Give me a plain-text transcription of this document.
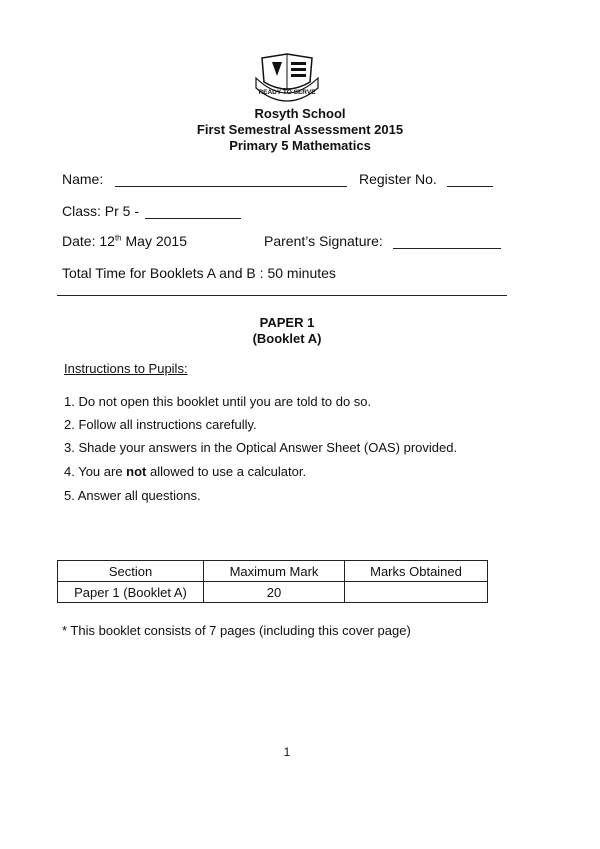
READY TO SERVE
Rosyth School
First Semestral Assessment 2015
Primary 5 Mathematics
Name:	Register No.
Class: Pr 5 -
Date: 12th May 2015	Parent’s Signature:
Total Time for Booklets A and B : 50 minutes
PAPER 1
(Booklet A)
Instructions to Pupils:
1. Do not open this booklet until you are told to do so.
2. Follow all instructions carefully.
3. Shade your answers in the Optical Answer Sheet (OAS) provided.
4. You are not allowed to use a calculator.
5. Answer all questions.
Section	Maximum Mark	Marks Obtained
Paper 1 (Booklet A)	20	
* This booklet consists of 7 pages (including this cover page)
1
